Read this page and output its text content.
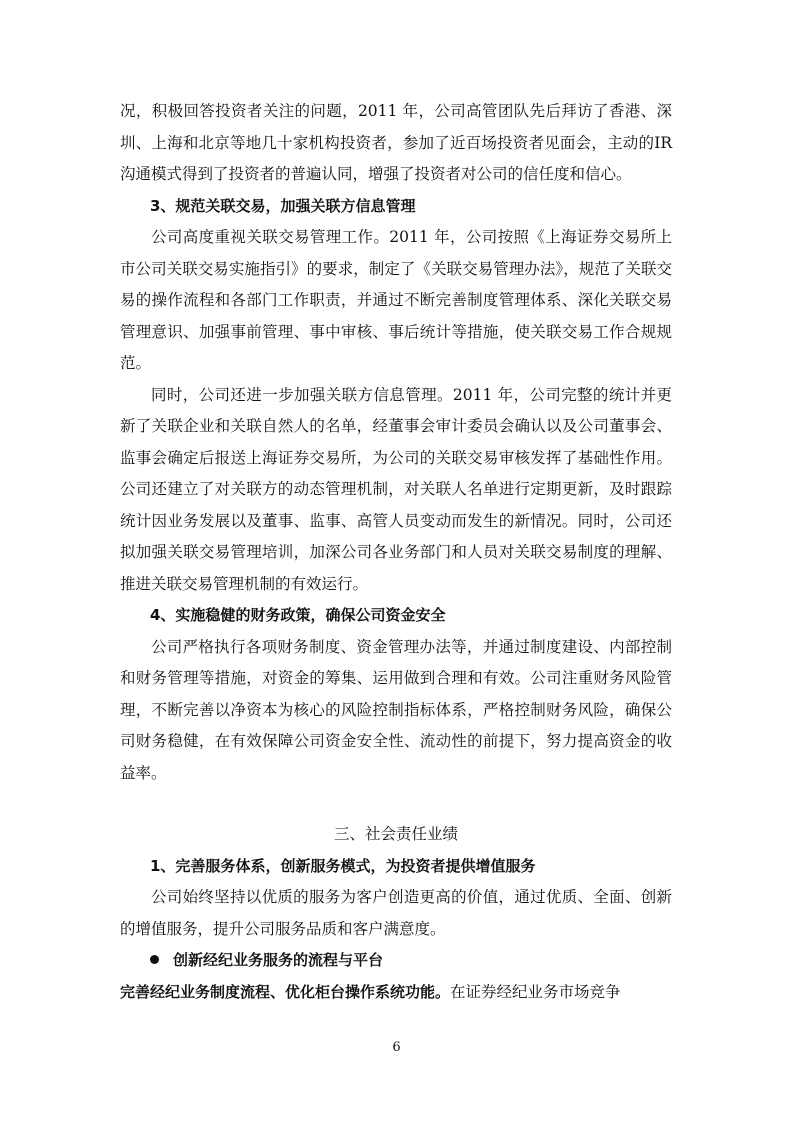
况，积极回答投资者关注的问题，2011 年，公司高管团队先后拜访了香港、深圳、上海和北京等地几十家机构投资者，参加了近百场投资者见面会，主动的IR 沟通模式得到了投资者的普遍认同，增强了投资者对公司的信任度和信心。

3、规范关联交易，加强关联方信息管理

公司高度重视关联交易管理工作。2011 年，公司按照《上海证券交易所上市公司关联交易实施指引》的要求，制定了《关联交易管理办法》，规范了关联交易的操作流程和各部门工作职责，并通过不断完善制度管理体系、深化关联交易管理意识、加强事前管理、事中审核、事后统计等措施，使关联交易工作合规规范。

同时，公司还进一步加强关联方信息管理。2011 年，公司完整的统计并更新了关联企业和关联自然人的名单，经董事会审计委员会确认以及公司董事会、监事会确定后报送上海证券交易所，为公司的关联交易审核发挥了基础性作用。公司还建立了对关联方的动态管理机制，对关联人名单进行定期更新，及时跟踪统计因业务发展以及董事、监事、高管人员变动而发生的新情况。同时，公司还拟加强关联交易管理培训，加深公司各业务部门和人员对关联交易制度的理解、推进关联交易管理机制的有效运行。

4、实施稳健的财务政策，确保公司资金安全

公司严格执行各项财务制度、资金管理办法等，并通过制度建设、内部控制和财务管理等措施，对资金的筹集、运用做到合理和有效。公司注重财务风险管理，不断完善以净资本为核心的风险控制指标体系，严格控制财务风险，确保公司财务稳健，在有效保障公司资金安全性、流动性的前提下，努力提高资金的收益率。

三、社会责任业绩

1、完善服务体系，创新服务模式，为投资者提供增值服务

公司始终坚持以优质的服务为客户创造更高的价值，通过优质、全面、创新的增值服务，提升公司服务品质和客户满意度。

创新经纪业务服务的流程与平台

完善经纪业务制度流程、优化柜台操作系统功能。在证券经纪业务市场竞争

6
